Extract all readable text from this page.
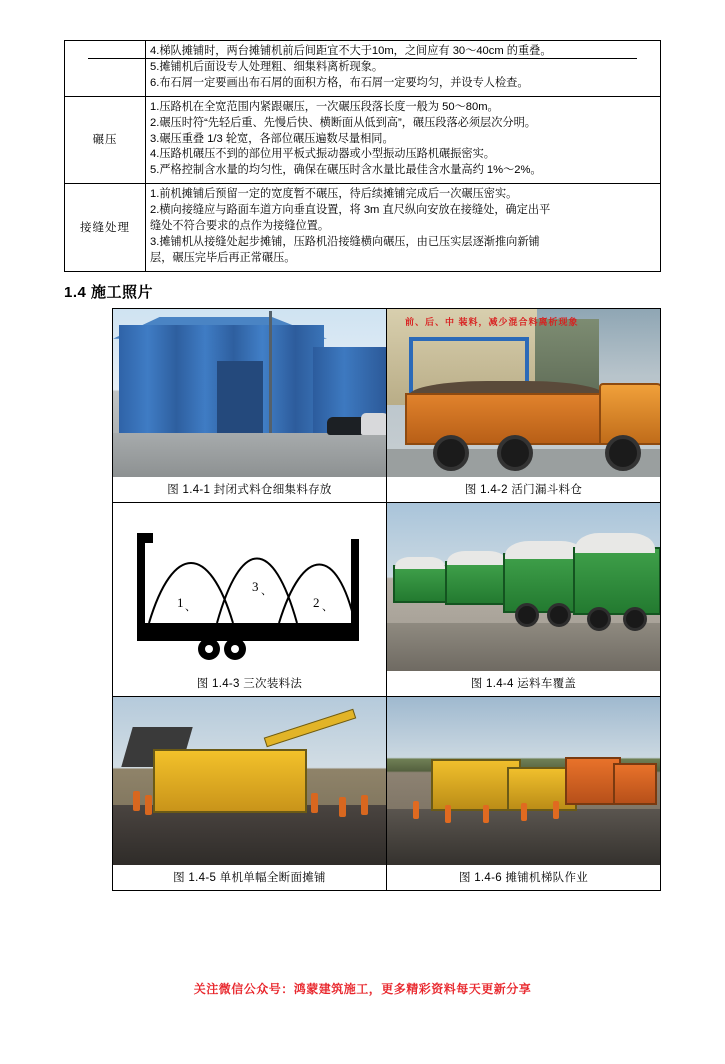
	4.梯队摊铺时，两台摊铺机前后间距宜不大于10m，之间应有 30～40cm 的重叠。
5.摊铺机后面设专人处理粗、细集料离析现象。
6.布石屑一定要画出布石屑的面积方格，布石屑一定要均匀，并设专人检查。

碾压	1.压路机在全宽范围内紧跟碾压，一次碾压段落长度一般为 50～80m。
2.碾压时符“先轻后重、先慢后快、横断面从低到高”，碾压段落必须层次分明。
3.碾压重叠 1/3 轮宽，各部位碾压遍数尽量相同。
4.压路机碾压不到的部位用平板式振动器或小型振动压路机碾振密实。
5.严格控制含水量的均匀性，确保在碾压时含水量比最佳含水量高约 1%～2%。

接缝处理	1.前机摊铺后预留一定的宽度暂不碾压，待后续摊铺完成后一次碾压密实。
2.横向接缝应与路面车道方向垂直设置，将 3m 直尺纵向安放在接缝处，确定出平
缝处不符合要求的点作为接缝位置。
3.摊铺机从接缝处起步摊铺，压路机沿接缝横向碾压，由已压实层逐渐推向新铺
层，碾压完毕后再正常碾压。
1.4 施工照片
图 1.4-1 封闭式料仓细集料存放	前、后、中 装料，减少混合料离析现象
图 1.4-2 活门漏斗料仓

1 、
3 、
2 、
图 1.4-3 三次装料法	图 1.4-4 运料车覆盖

图 1.4-5 单机单幅全断面摊铺	图 1.4-6 摊铺机梯队作业
关注微信公众号：鸿蒙建筑施工，更多精彩资料每天更新分享
